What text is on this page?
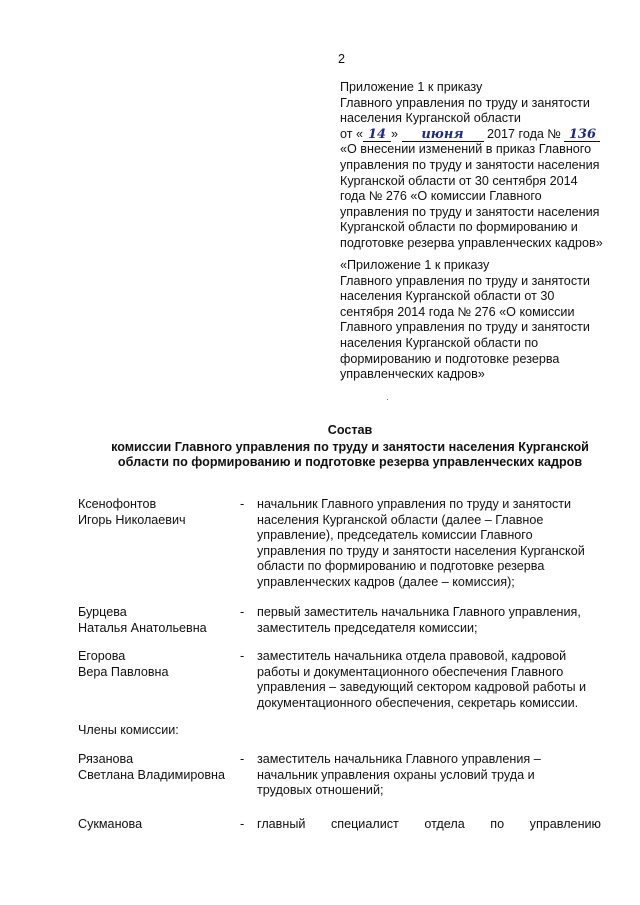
2
Приложение 1 к приказу
Главного управления по труду и занятости
населения Курганской области
от « 14 » июня 2017 года № 136
«О внесении изменений в приказ Главного
управления по труду и занятости населения
Курганской области от 30 сентября 2014
года № 276 «О комиссии Главного
управления по труду и занятости населения
Курганской области по формированию и
подготовке резерва управленческих кадров»
«Приложение 1 к приказу
Главного управления по труду и занятости
населения Курганской области от 30
сентября 2014 года № 276 «О комиссии
Главного управления по труду и занятости
населения Курганской области по
формированию и подготовке резерва
управленческих кадров»
·
Состав
комиссии Главного управления по труду и занятости населения Курганской
области по формированию и подготовке резерва управленческих кадров
Ксенофонтов
Игорь Николаевич
- начальник Главного управления по труду и занятости
населения Курганской области (далее – Главное
управление), председатель комиссии Главного
управления по труду и занятости населения Курганской
области по формированию и подготовке резерва
управленческих кадров (далее – комиссия);
Бурцева
Наталья Анатольевна
- первый заместитель начальника Главного управления,
заместитель председателя комиссии;
Егорова
Вера Павловна
- заместитель начальника отдела правовой, кадровой
работы и документационного обеспечения Главного
управления – заведующий сектором кадровой работы и
документационного обеспечения, секретарь комиссии.
Члены комиссии:
Рязанова
Светлана Владимировна
- заместитель начальника Главного управления –
начальник управления охраны условий труда и
трудовых отношений;
Сукманова	- главный специалист отдела по управлению
